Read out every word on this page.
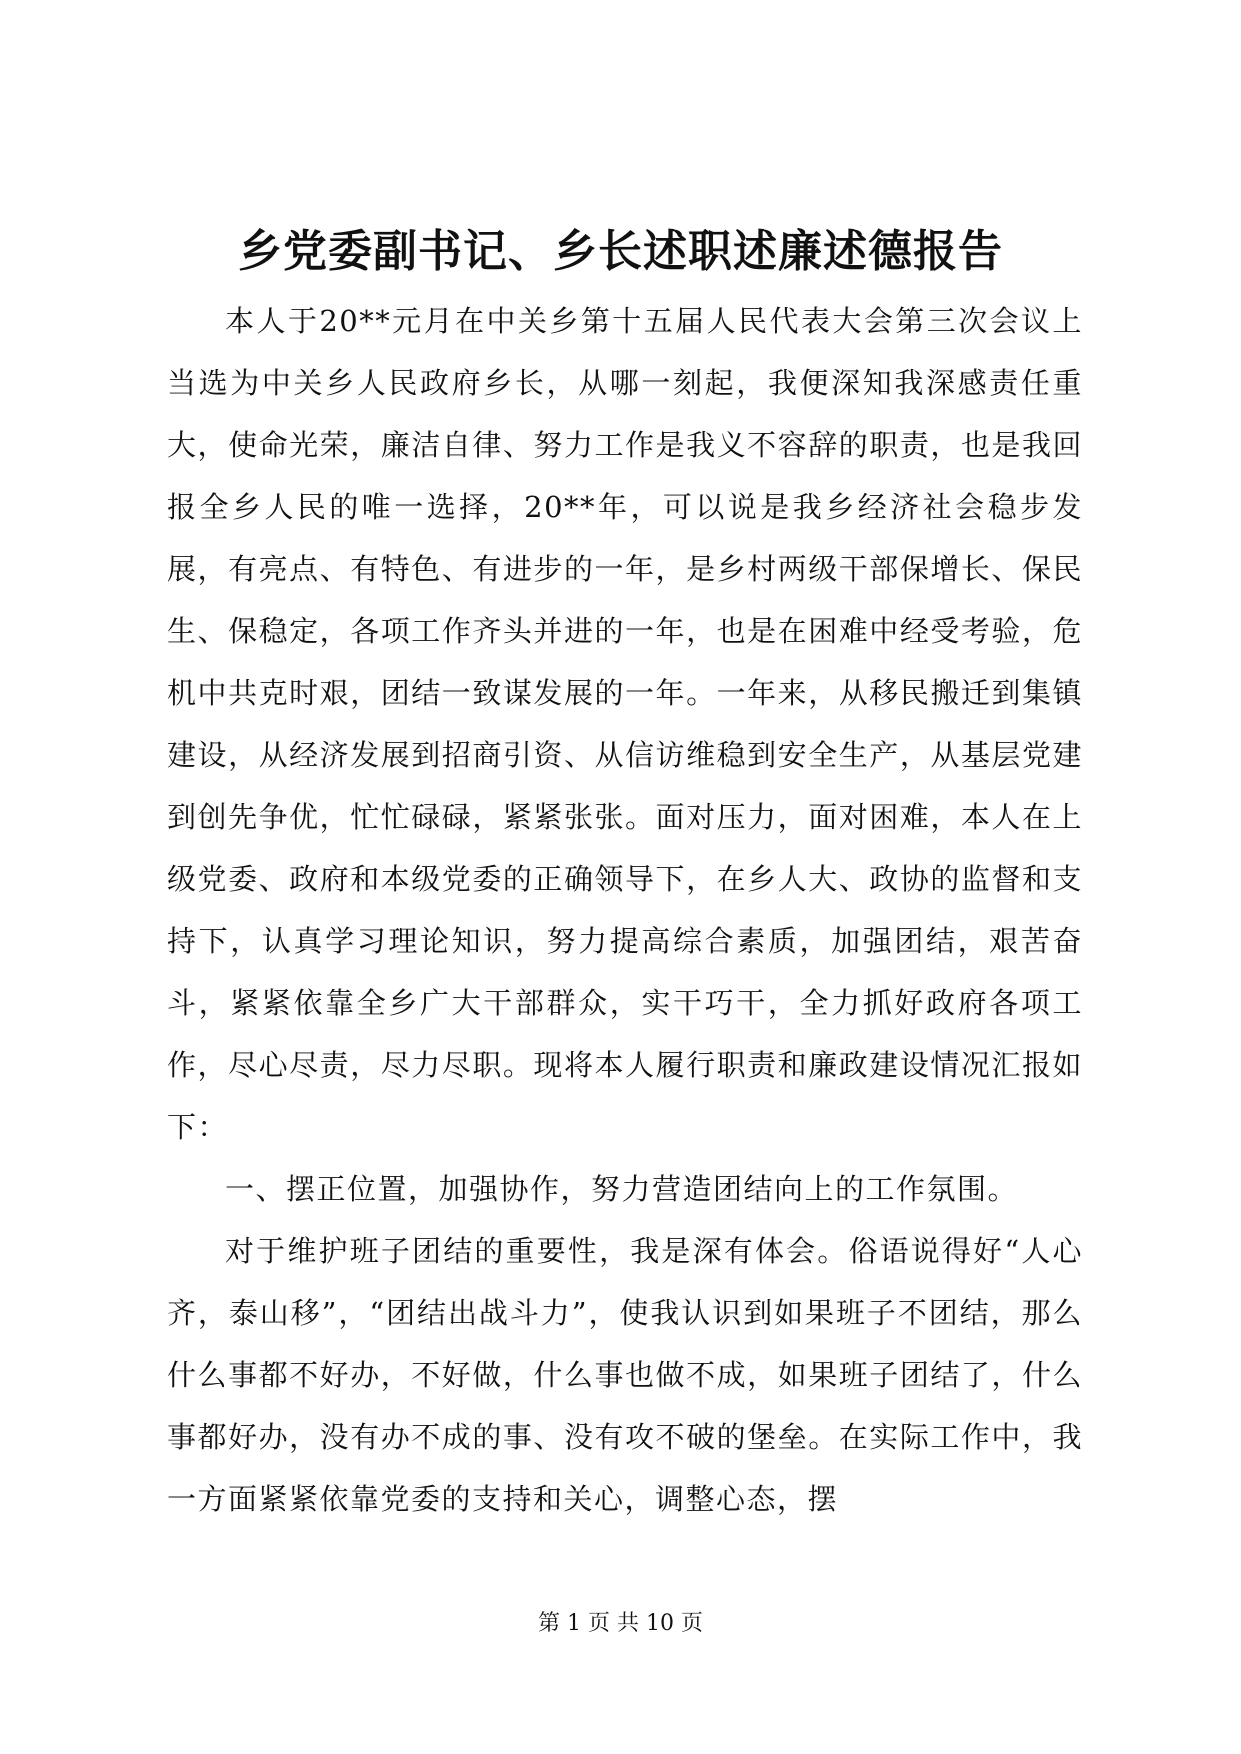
乡党委副书记、乡长述职述廉述德报告

本人于20**元月在中关乡第十五届人民代表大会第三次会议上当选为中关乡人民政府乡长，从哪一刻起，我便深知我深感责任重大，使命光荣，廉洁自律、努力工作是我义不容辞的职责，也是我回报全乡人民的唯一选择，20**年，可以说是我乡经济社会稳步发展，有亮点、有特色、有进步的一年，是乡村两级干部保增长、保民生、保稳定，各项工作齐头并进的一年，也是在困难中经受考验，危机中共克时艰，团结一致谋发展的一年。一年来，从移民搬迁到集镇建设，从经济发展到招商引资、从信访维稳到安全生产，从基层党建到创先争优，忙忙碌碌，紧紧张张。面对压力，面对困难，本人在上级党委、政府和本级党委的正确领导下，在乡人大、政协的监督和支持下，认真学习理论知识，努力提高综合素质，加强团结，艰苦奋斗，紧紧依靠全乡广大干部群众，实干巧干，全力抓好政府各项工作，尽心尽责，尽力尽职。现将本人履行职责和廉政建设情况汇报如下：

一、摆正位置，加强协作，努力营造团结向上的工作氛围。

对于维护班子团结的重要性，我是深有体会。俗语说得好“人心齐，泰山移”，“团结出战斗力”，使我认识到如果班子不团结，那么什么事都不好办，不好做，什么事也做不成，如果班子团结了，什么事都好办，没有办不成的事、没有攻不破的堡垒。在实际工作中，我一方面紧紧依靠党委的支持和关心，调整心态，摆

第 1 页 共 10 页
